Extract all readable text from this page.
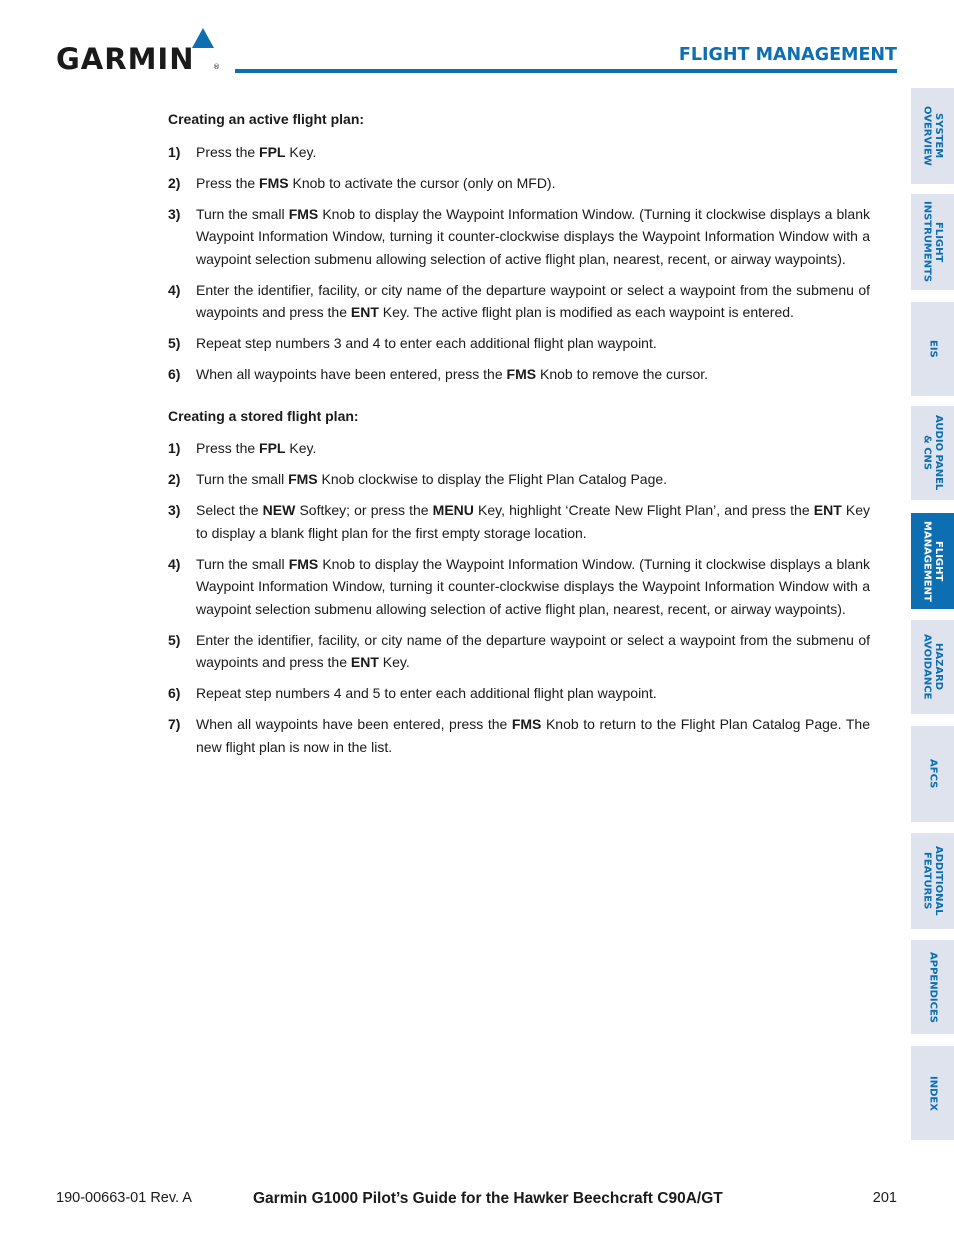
GARMIN	®
FLIGHT MANAGEMENT
Creating an active flight plan:
1) Press the FPL Key.
2) Press the FMS Knob to activate the cursor (only on MFD).
3) Turn the small FMS Knob to display the Waypoint Information Window. (Turning it clockwise displays a blank Waypoint Information Window, turning it counter-clockwise displays the Waypoint Information Window with a waypoint selection submenu allowing selection of active flight plan, nearest, recent, or airway waypoints).
4) Enter the identifier, facility, or city name of the departure waypoint or select a waypoint from the submenu of waypoints and press the ENT Key. The active flight plan is modified as each waypoint is entered.
5) Repeat step numbers 3 and 4 to enter each additional flight plan waypoint.
6) When all waypoints have been entered, press the FMS Knob to remove the cursor.
Creating a stored flight plan:
1) Press the FPL Key.
2) Turn the small FMS Knob clockwise to display the Flight Plan Catalog Page.
3) Select the NEW Softkey; or press the MENU Key, highlight ‘Create New Flight Plan’, and press the ENT Key to display a blank flight plan for the first empty storage location.
4) Turn the small FMS Knob to display the Waypoint Information Window. (Turning it clockwise displays a blank Waypoint Information Window, turning it counter-clockwise displays the Waypoint Information Window with a waypoint selection submenu allowing selection of active flight plan, nearest, recent, or airway waypoints).
5) Enter the identifier, facility, or city name of the departure waypoint or select a waypoint from the submenu of waypoints and press the ENT Key.
6) Repeat step numbers 4 and 5 to enter each additional flight plan waypoint.
7) When all waypoints have been entered, press the FMS Knob to return to the Flight Plan Catalog Page. The new flight plan is now in the list.
SYSTEM
OVERVIEW
FLIGHT
INSTRUMENTS
EIS
AUDIO PANEL
& CNS
FLIGHT
MANAGEMENT
HAZARD
AVOIDANCE
AFCS
ADDITIONAL
FEATURES
APPENDICES
INDEX
190-00663-01 Rev. A	Garmin G1000 Pilot’s Guide for the Hawker Beechcraft C90A/GT	201
